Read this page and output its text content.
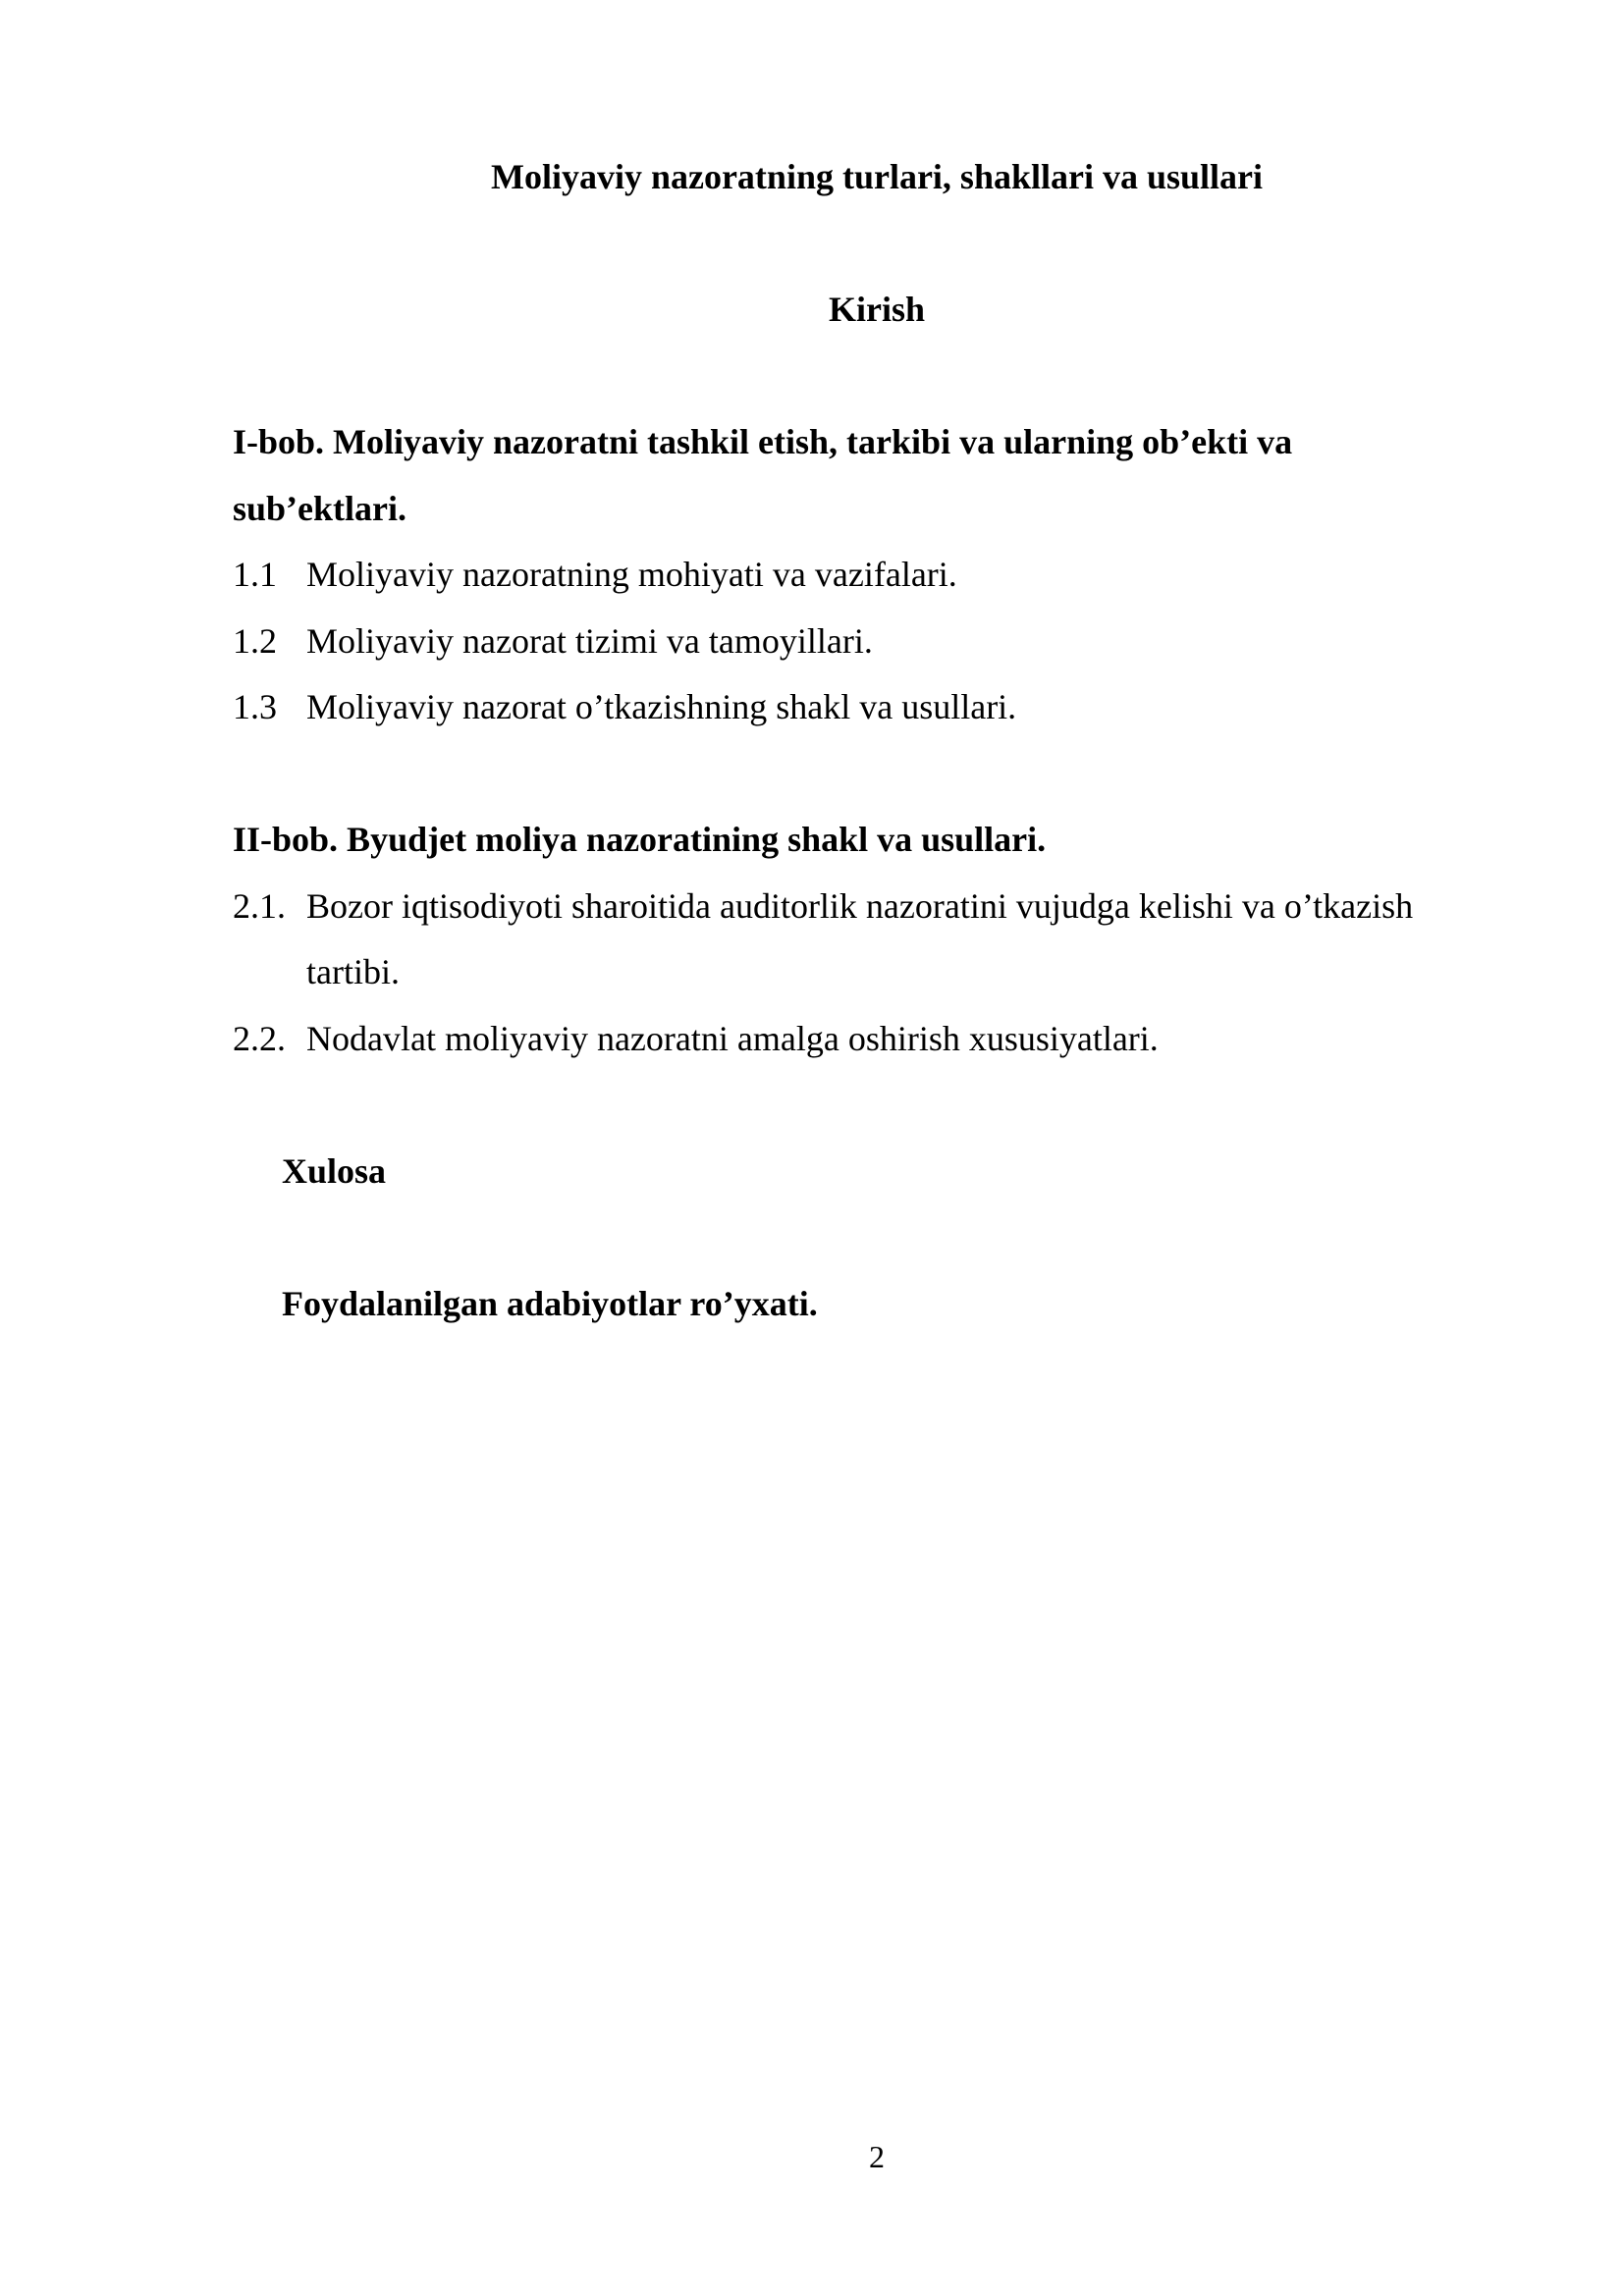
Moliyaviy nazoratning turlari, shakllari va usullari
Kirish
I-bob. Moliyaviy nazoratni tashkil etish, tarkibi va ularning ob’ekti va
sub’ektlari.
1.1 Moliyaviy nazoratning mohiyati va vazifalari.
1.2 Moliyaviy nazorat tizimi va tamoyillari.
1.3 Moliyaviy nazorat o’tkazishning shakl va usullari.
II-bob. Byudjet moliya nazoratining shakl va usullari.
2.1. Bozor iqtisodiyoti sharoitida auditorlik nazoratini vujudga kelishi va o’tkazish
tartibi.
2.2. Nodavlat moliyaviy nazoratni amalga oshirish xususiyatlari.
Xulosa
Foydalanilgan adabiyotlar ro’yxati.
2
